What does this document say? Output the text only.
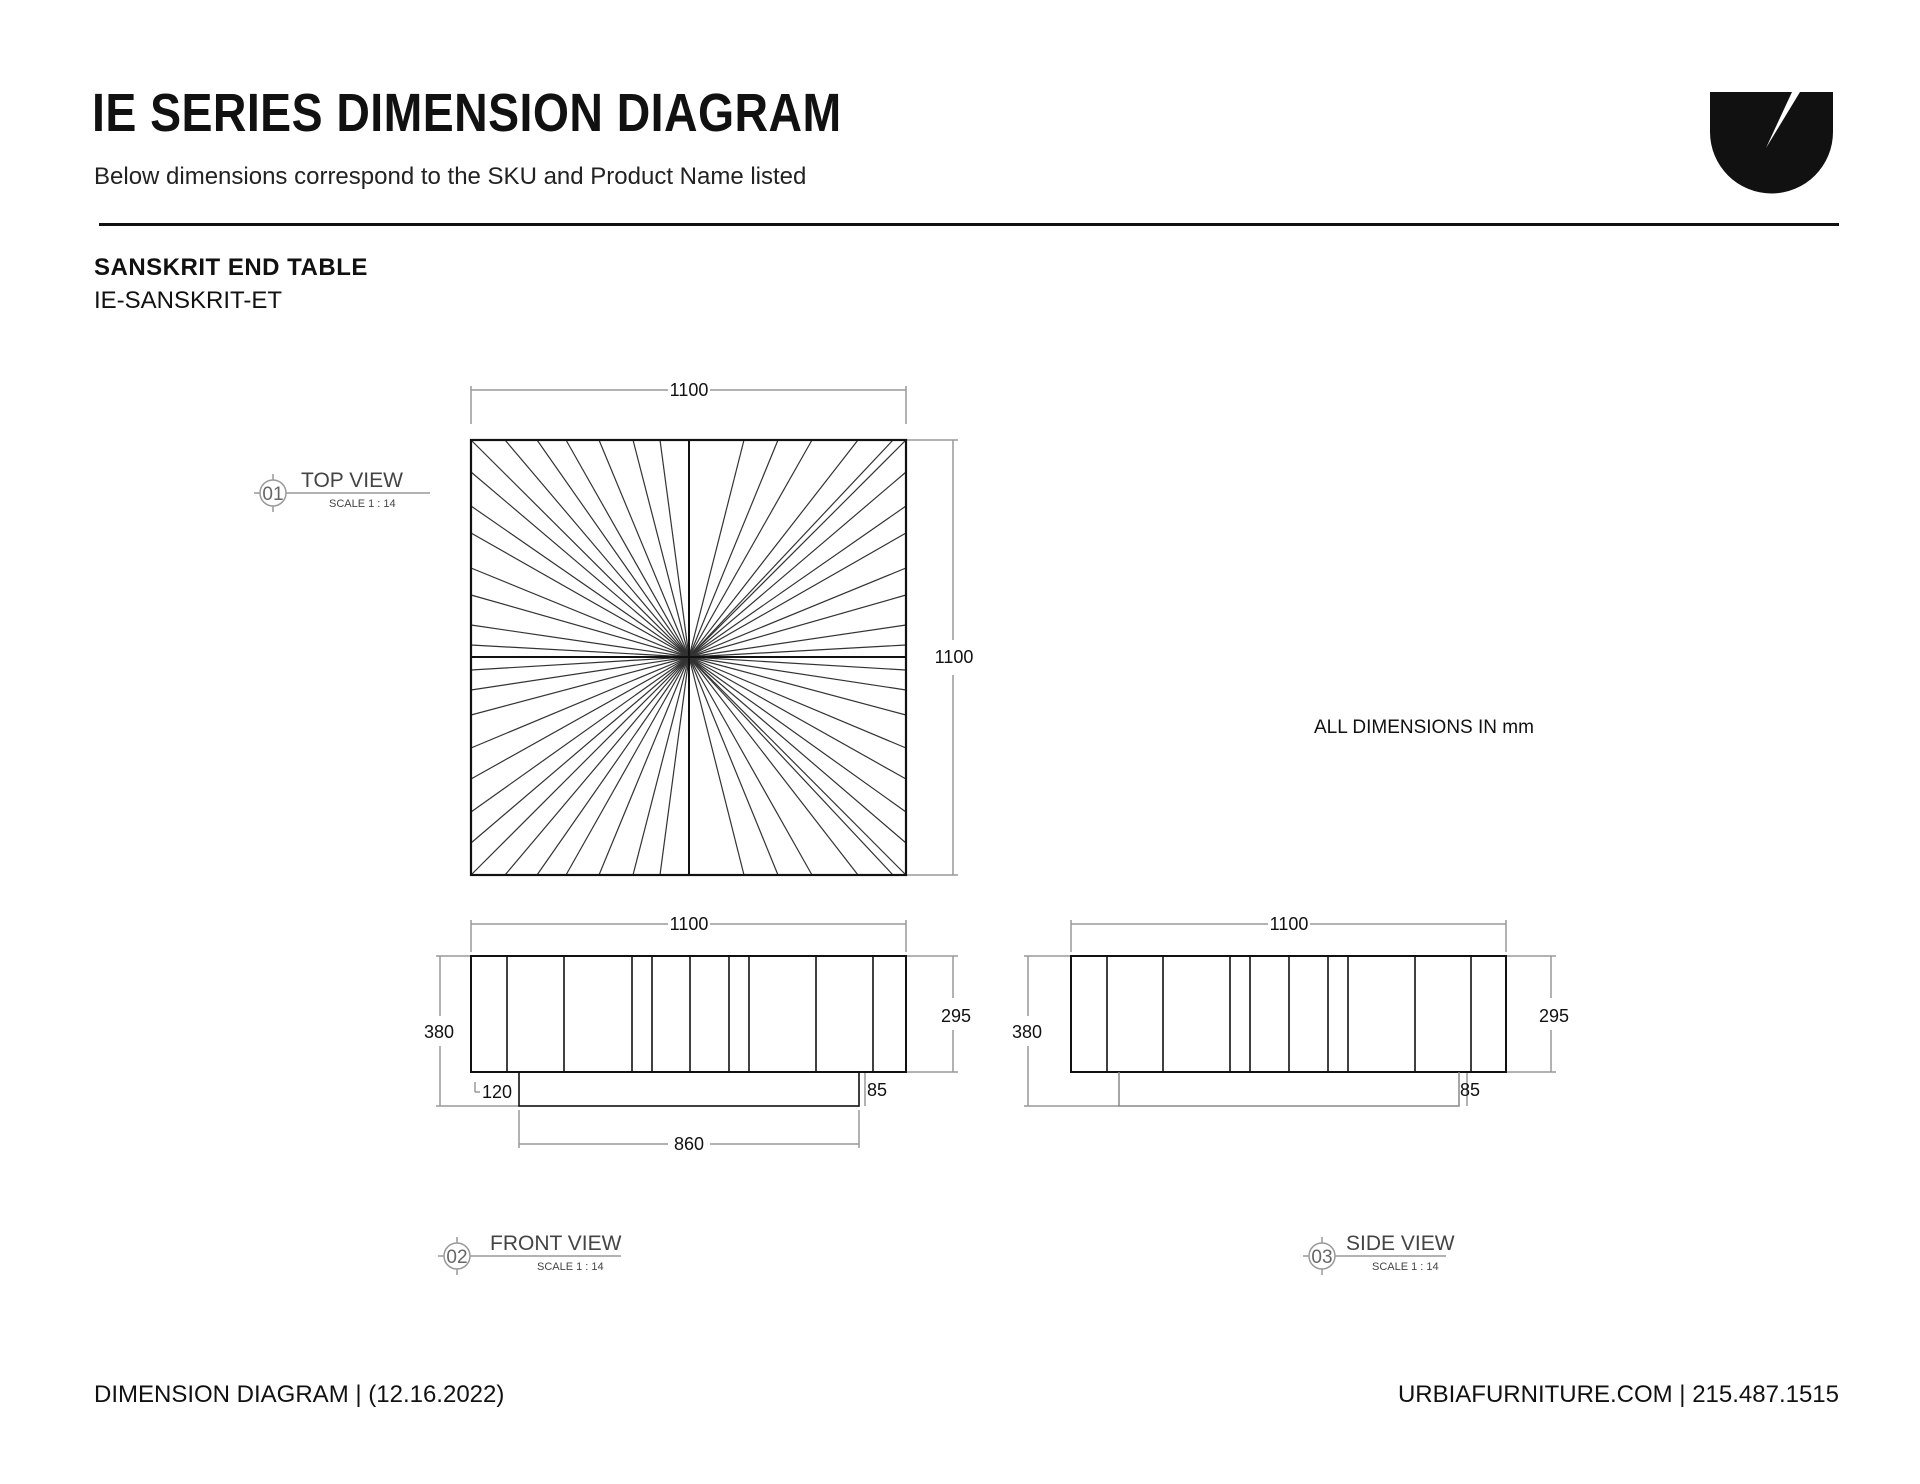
IE SERIES DIMENSION DIAGRAM
Below dimensions correspond to the SKU and Product Name listed
SANSKRIT END TABLE
IE-SANSKRIT-ET
ALL DIMENSIONS IN mm
1100
1100
01
TOP VIEW
SCALE 1 : 14
1100
380
295
120	85
860
02
FRONT VIEW
SCALE 1 : 14
1100
380
295
85
03
SIDE VIEW
SCALE 1 : 14
DIMENSION DIAGRAM | (12.16.2022)	URBIAFURNITURE.COM | 215.487.1515
